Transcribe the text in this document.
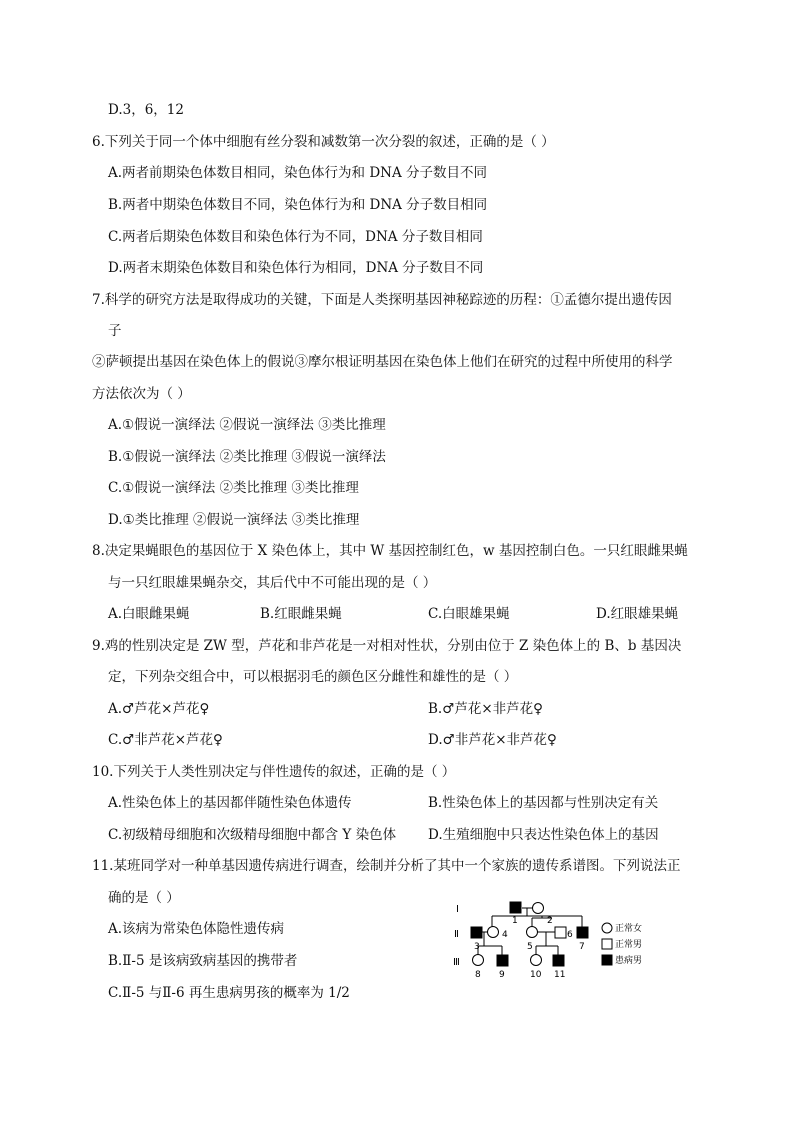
D.3，6，12
6.下列关于同一个体中细胞有丝分裂和减数第一次分裂的叙述，正确的是（ ）
A.两者前期染色体数目相同，染色体行为和 DNA 分子数目不同
B.两者中期染色体数目不同，染色体行为和 DNA 分子数目相同
C.两者后期染色体数目和染色体行为不同，DNA 分子数目相同
D.两者末期染色体数目和染色体行为相同，DNA 分子数目不同
7.科学的研究方法是取得成功的关键，下面是人类探明基因神秘踪迹的历程：①孟德尔提出遗传因
子
②萨顿提出基因在染色体上的假说③摩尔根证明基因在染色体上他们在研究的过程中所使用的科学
方法依次为（ ）
A.①假说一演绎法 ②假说一演绎法 ③类比推理
B.①假说一演绎法 ②类比推理 ③假说一演绎法
C.①假说一演绎法 ②类比推理 ③类比推理
D.①类比推理 ②假说一演绎法 ③类比推理
8.决定果蝇眼色的基因位于 X 染色体上，其中 W 基因控制红色，w 基因控制白色。一只红眼雌果蝇
与一只红眼雄果蝇杂交，其后代中不可能出现的是（ ）
A.白眼雌果蝇	B.红眼雌果蝇	C.白眼雄果蝇	D.红眼雄果蝇
9.鸡的性别决定是 ZW 型，芦花和非芦花是一对相对性状，分别由位于 Z 染色体上的 B、b 基因决
定，下列杂交组合中，可以根据羽毛的颜色区分雌性和雄性的是（ ）
A.♂芦花×芦花♀	B.♂芦花×非芦花♀
C.♂非芦花×芦花♀	D.♂非芦花×非芦花♀
10.下列关于人类性别决定与伴性遗传的叙述，正确的是（ ）
A.性染色体上的基因都伴随性染色体遗传	B.性染色体上的基因都与性别决定有关
C.初级精母细胞和次级精母细胞中都含 Y 染色体 D.生殖细胞中只表达性染色体上的基因
11.某班同学对一种单基因遗传病进行调查，绘制并分析了其中一个家族的遗传系谱图。下列说法正
确的是（ ）
A.该病为常染色体隐性遗传病
B.Ⅱ-5 是该病致病基因的携带者
C.Ⅱ-5 与Ⅱ-6 再生患病男孩的概率为 1/2
I
Ⅱ
Ⅲ
1	2
3
4
5
6
7
8 9	10 11
正常女
正常男
患病男
